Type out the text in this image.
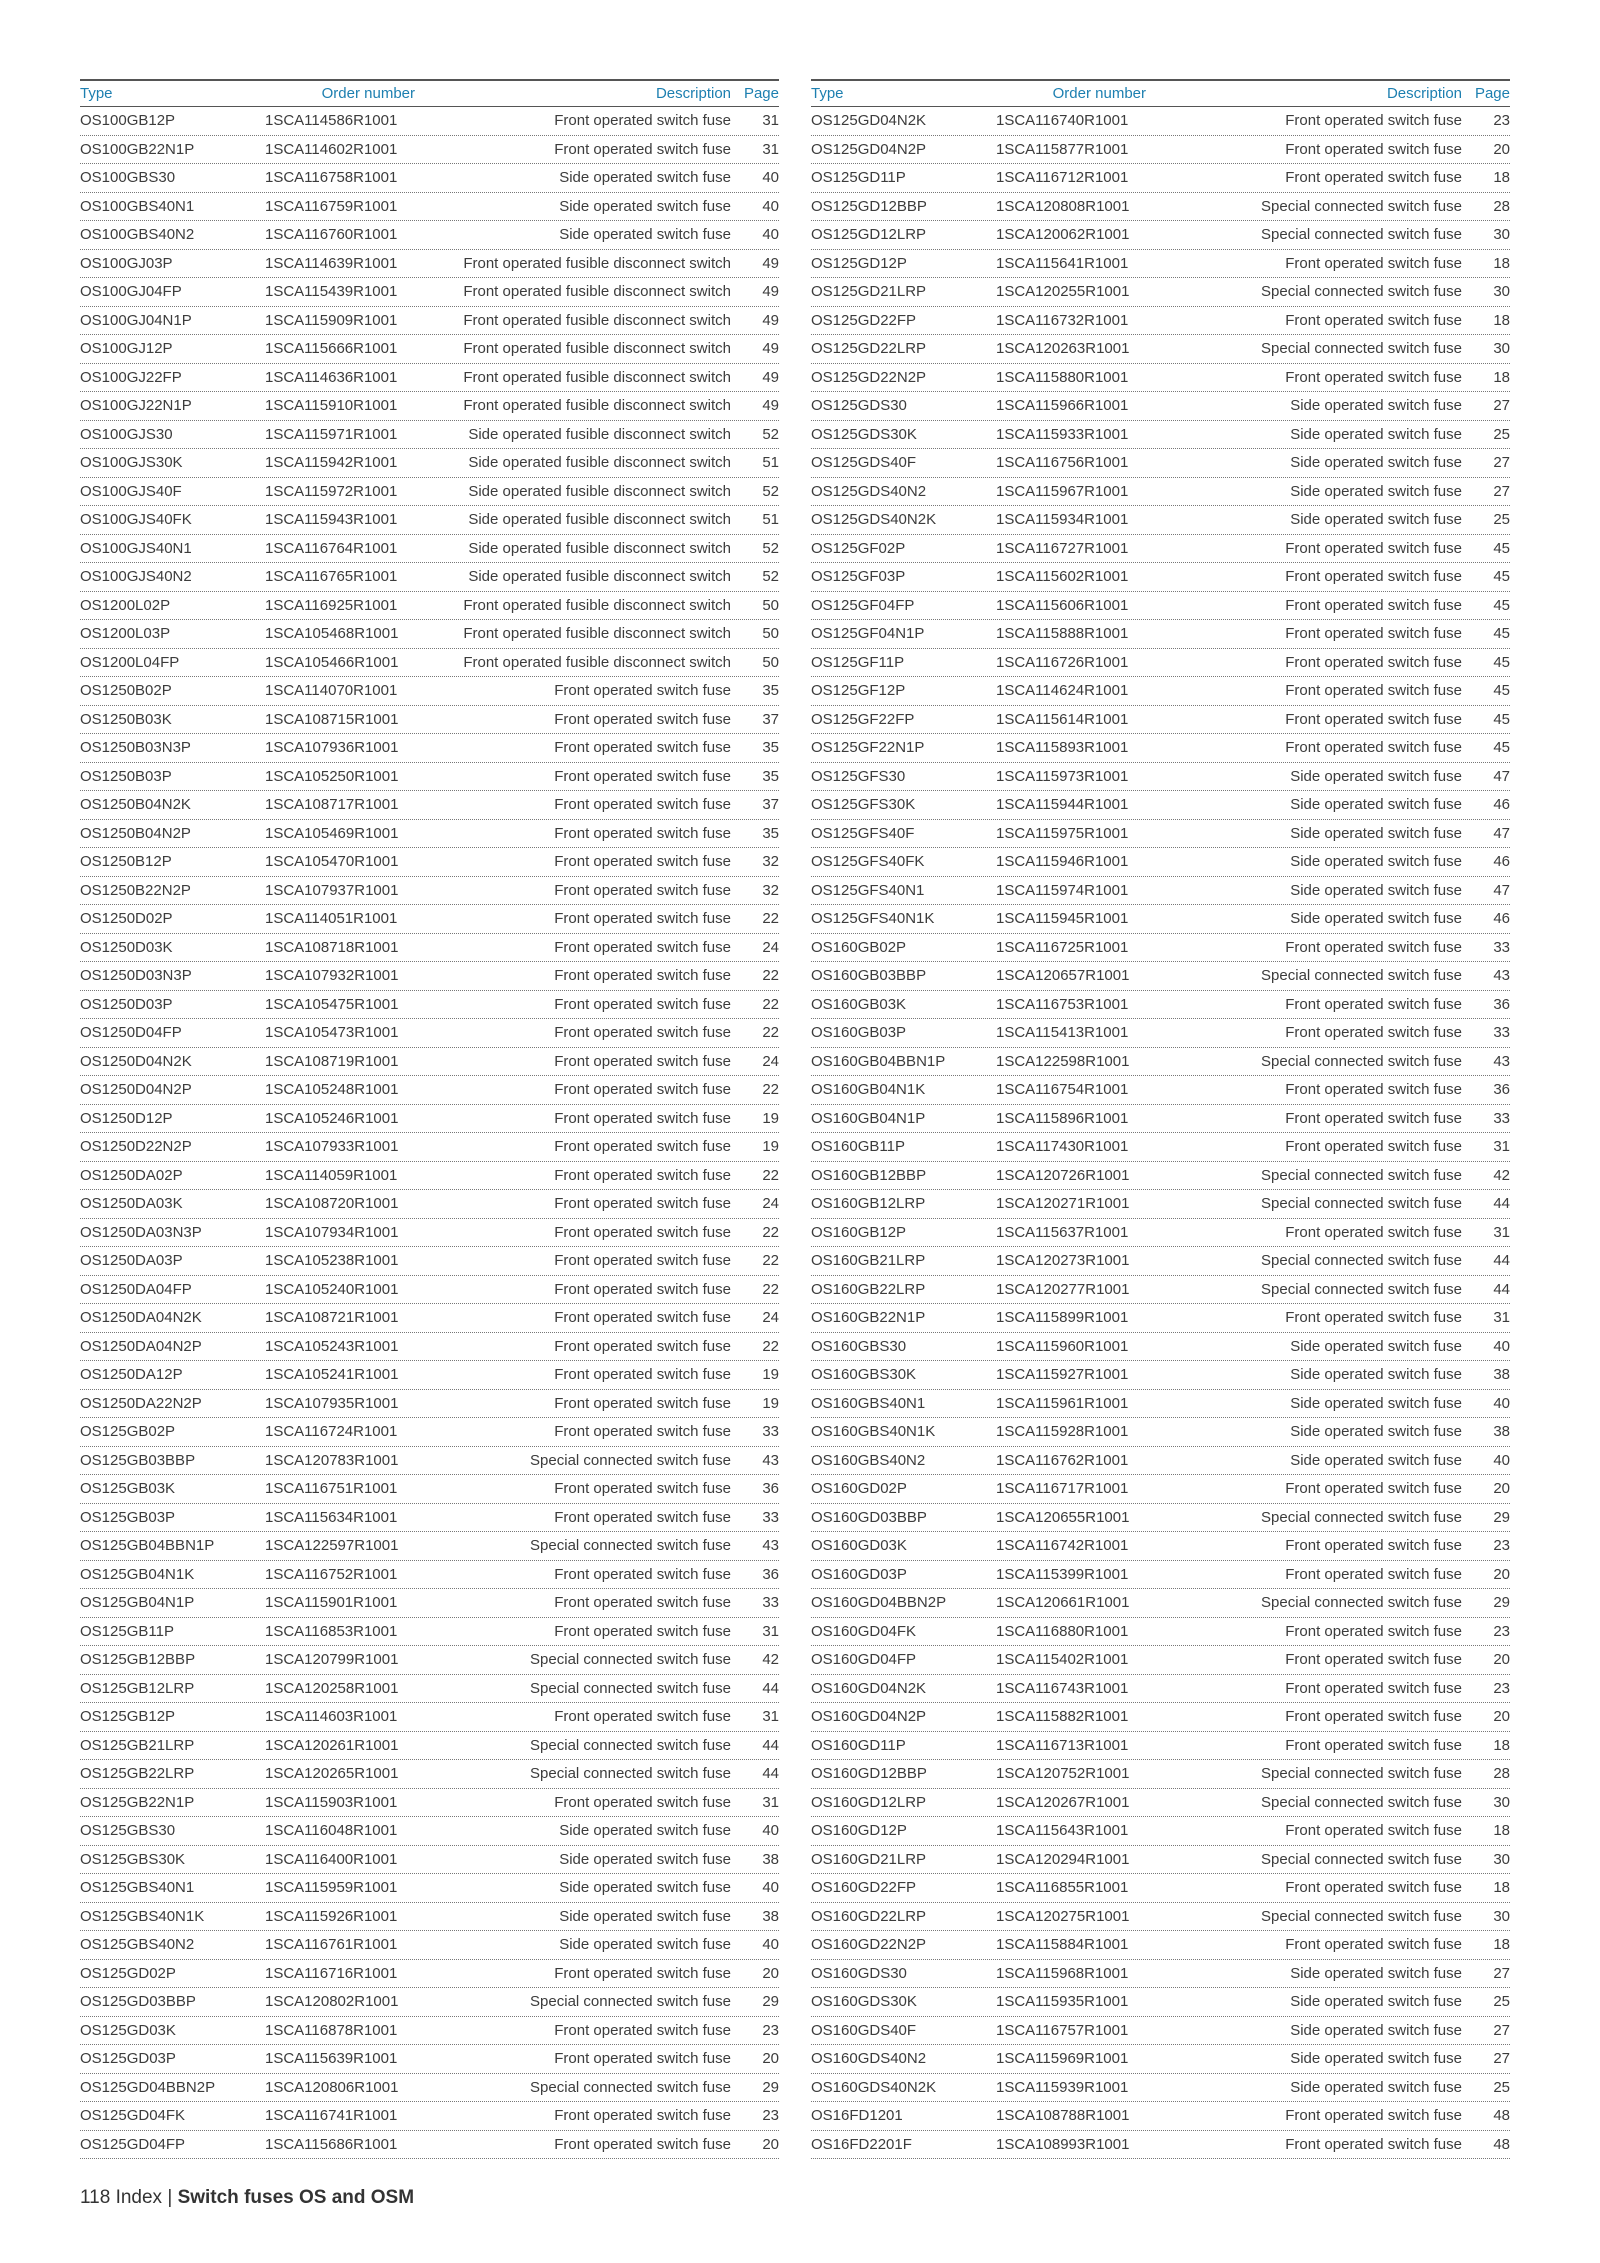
Type	Order number	Description Page
OS100GB12P	1SCA114586R1001	Front operated switch fuse	31
OS100GB22N1P	1SCA114602R1001	Front operated switch fuse	31
OS100GBS30	1SCA116758R1001	Side operated switch fuse	40
OS100GBS40N1	1SCA116759R1001	Side operated switch fuse	40
OS100GBS40N2	1SCA116760R1001	Side operated switch fuse	40
OS100GJ03P	1SCA114639R1001	Front operated fusible disconnect switch	49
OS100GJ04FP	1SCA115439R1001	Front operated fusible disconnect switch	49
OS100GJ04N1P	1SCA115909R1001	Front operated fusible disconnect switch	49
OS100GJ12P	1SCA115666R1001	Front operated fusible disconnect switch	49
OS100GJ22FP	1SCA114636R1001	Front operated fusible disconnect switch	49
OS100GJ22N1P	1SCA115910R1001	Front operated fusible disconnect switch	49
OS100GJS30	1SCA115971R1001	Side operated fusible disconnect switch	52
OS100GJS30K	1SCA115942R1001	Side operated fusible disconnect switch	51
OS100GJS40F	1SCA115972R1001	Side operated fusible disconnect switch	52
OS100GJS40FK	1SCA115943R1001	Side operated fusible disconnect switch	51
OS100GJS40N1	1SCA116764R1001	Side operated fusible disconnect switch	52
OS100GJS40N2	1SCA116765R1001	Side operated fusible disconnect switch	52
OS1200L02P	1SCA116925R1001	Front operated fusible disconnect switch	50
OS1200L03P	1SCA105468R1001	Front operated fusible disconnect switch	50
OS1200L04FP	1SCA105466R1001	Front operated fusible disconnect switch	50
OS1250B02P	1SCA114070R1001	Front operated switch fuse	35
OS1250B03K	1SCA108715R1001	Front operated switch fuse	37
OS1250B03N3P	1SCA107936R1001	Front operated switch fuse	35
OS1250B03P	1SCA105250R1001	Front operated switch fuse	35
OS1250B04N2K	1SCA108717R1001	Front operated switch fuse	37
OS1250B04N2P	1SCA105469R1001	Front operated switch fuse	35
OS1250B12P	1SCA105470R1001	Front operated switch fuse	32
OS1250B22N2P	1SCA107937R1001	Front operated switch fuse	32
OS1250D02P	1SCA114051R1001	Front operated switch fuse	22
OS1250D03K	1SCA108718R1001	Front operated switch fuse	24
OS1250D03N3P	1SCA107932R1001	Front operated switch fuse	22
OS1250D03P	1SCA105475R1001	Front operated switch fuse	22
OS1250D04FP	1SCA105473R1001	Front operated switch fuse	22
OS1250D04N2K	1SCA108719R1001	Front operated switch fuse	24
OS1250D04N2P	1SCA105248R1001	Front operated switch fuse	22
OS1250D12P	1SCA105246R1001	Front operated switch fuse	19
OS1250D22N2P	1SCA107933R1001	Front operated switch fuse	19
OS1250DA02P	1SCA114059R1001	Front operated switch fuse	22
OS1250DA03K	1SCA108720R1001	Front operated switch fuse	24
OS1250DA03N3P	1SCA107934R1001	Front operated switch fuse	22
OS1250DA03P	1SCA105238R1001	Front operated switch fuse	22
OS1250DA04FP	1SCA105240R1001	Front operated switch fuse	22
OS1250DA04N2K	1SCA108721R1001	Front operated switch fuse	24
OS1250DA04N2P	1SCA105243R1001	Front operated switch fuse	22
OS1250DA12P	1SCA105241R1001	Front operated switch fuse	19
OS1250DA22N2P	1SCA107935R1001	Front operated switch fuse	19
OS125GB02P	1SCA116724R1001	Front operated switch fuse	33
OS125GB03BBP	1SCA120783R1001	Special connected switch fuse	43
OS125GB03K	1SCA116751R1001	Front operated switch fuse	36
OS125GB03P	1SCA115634R1001	Front operated switch fuse	33
OS125GB04BBN1P	1SCA122597R1001	Special connected switch fuse	43
OS125GB04N1K	1SCA116752R1001	Front operated switch fuse	36
OS125GB04N1P	1SCA115901R1001	Front operated switch fuse	33
OS125GB11P	1SCA116853R1001	Front operated switch fuse	31
OS125GB12BBP	1SCA120799R1001	Special connected switch fuse	42
OS125GB12LRP	1SCA120258R1001	Special connected switch fuse	44
OS125GB12P	1SCA114603R1001	Front operated switch fuse	31
OS125GB21LRP	1SCA120261R1001	Special connected switch fuse	44
OS125GB22LRP	1SCA120265R1001	Special connected switch fuse	44
OS125GB22N1P	1SCA115903R1001	Front operated switch fuse	31
OS125GBS30	1SCA116048R1001	Side operated switch fuse	40
OS125GBS30K	1SCA116400R1001	Side operated switch fuse	38
OS125GBS40N1	1SCA115959R1001	Side operated switch fuse	40
OS125GBS40N1K	1SCA115926R1001	Side operated switch fuse	38
OS125GBS40N2	1SCA116761R1001	Side operated switch fuse	40
OS125GD02P	1SCA116716R1001	Front operated switch fuse	20
OS125GD03BBP	1SCA120802R1001	Special connected switch fuse	29
OS125GD03K	1SCA116878R1001	Front operated switch fuse	23
OS125GD03P	1SCA115639R1001	Front operated switch fuse	20
OS125GD04BBN2P	1SCA120806R1001	Special connected switch fuse	29
OS125GD04FK	1SCA116741R1001	Front operated switch fuse	23
OS125GD04FP	1SCA115686R1001	Front operated switch fuse	20
Type	Order number	Description Page
OS125GD04N2K	1SCA116740R1001	Front operated switch fuse	23
OS125GD04N2P	1SCA115877R1001	Front operated switch fuse	20
OS125GD11P	1SCA116712R1001	Front operated switch fuse	18
OS125GD12BBP	1SCA120808R1001	Special connected switch fuse	28
OS125GD12LRP	1SCA120062R1001	Special connected switch fuse	30
OS125GD12P	1SCA115641R1001	Front operated switch fuse	18
OS125GD21LRP	1SCA120255R1001	Special connected switch fuse	30
OS125GD22FP	1SCA116732R1001	Front operated switch fuse	18
OS125GD22LRP	1SCA120263R1001	Special connected switch fuse	30
OS125GD22N2P	1SCA115880R1001	Front operated switch fuse	18
OS125GDS30	1SCA115966R1001	Side operated switch fuse	27
OS125GDS30K	1SCA115933R1001	Side operated switch fuse	25
OS125GDS40F	1SCA116756R1001	Side operated switch fuse	27
OS125GDS40N2	1SCA115967R1001	Side operated switch fuse	27
OS125GDS40N2K	1SCA115934R1001	Side operated switch fuse	25
OS125GF02P	1SCA116727R1001	Front operated switch fuse	45
OS125GF03P	1SCA115602R1001	Front operated switch fuse	45
OS125GF04FP	1SCA115606R1001	Front operated switch fuse	45
OS125GF04N1P	1SCA115888R1001	Front operated switch fuse	45
OS125GF11P	1SCA116726R1001	Front operated switch fuse	45
OS125GF12P	1SCA114624R1001	Front operated switch fuse	45
OS125GF22FP	1SCA115614R1001	Front operated switch fuse	45
OS125GF22N1P	1SCA115893R1001	Front operated switch fuse	45
OS125GFS30	1SCA115973R1001	Side operated switch fuse	47
OS125GFS30K	1SCA115944R1001	Side operated switch fuse	46
OS125GFS40F	1SCA115975R1001	Side operated switch fuse	47
OS125GFS40FK	1SCA115946R1001	Side operated switch fuse	46
OS125GFS40N1	1SCA115974R1001	Side operated switch fuse	47
OS125GFS40N1K	1SCA115945R1001	Side operated switch fuse	46
OS160GB02P	1SCA116725R1001	Front operated switch fuse	33
OS160GB03BBP	1SCA120657R1001	Special connected switch fuse	43
OS160GB03K	1SCA116753R1001	Front operated switch fuse	36
OS160GB03P	1SCA115413R1001	Front operated switch fuse	33
OS160GB04BBN1P	1SCA122598R1001	Special connected switch fuse	43
OS160GB04N1K	1SCA116754R1001	Front operated switch fuse	36
OS160GB04N1P	1SCA115896R1001	Front operated switch fuse	33
OS160GB11P	1SCA117430R1001	Front operated switch fuse	31
OS160GB12BBP	1SCA120726R1001	Special connected switch fuse	42
OS160GB12LRP	1SCA120271R1001	Special connected switch fuse	44
OS160GB12P	1SCA115637R1001	Front operated switch fuse	31
OS160GB21LRP	1SCA120273R1001	Special connected switch fuse	44
OS160GB22LRP	1SCA120277R1001	Special connected switch fuse	44
OS160GB22N1P	1SCA115899R1001	Front operated switch fuse	31
OS160GBS30	1SCA115960R1001	Side operated switch fuse	40
OS160GBS30K	1SCA115927R1001	Side operated switch fuse	38
OS160GBS40N1	1SCA115961R1001	Side operated switch fuse	40
OS160GBS40N1K	1SCA115928R1001	Side operated switch fuse	38
OS160GBS40N2	1SCA116762R1001	Side operated switch fuse	40
OS160GD02P	1SCA116717R1001	Front operated switch fuse	20
OS160GD03BBP	1SCA120655R1001	Special connected switch fuse	29
OS160GD03K	1SCA116742R1001	Front operated switch fuse	23
OS160GD03P	1SCA115399R1001	Front operated switch fuse	20
OS160GD04BBN2P	1SCA120661R1001	Special connected switch fuse	29
OS160GD04FK	1SCA116880R1001	Front operated switch fuse	23
OS160GD04FP	1SCA115402R1001	Front operated switch fuse	20
OS160GD04N2K	1SCA116743R1001	Front operated switch fuse	23
OS160GD04N2P	1SCA115882R1001	Front operated switch fuse	20
OS160GD11P	1SCA116713R1001	Front operated switch fuse	18
OS160GD12BBP	1SCA120752R1001	Special connected switch fuse	28
OS160GD12LRP	1SCA120267R1001	Special connected switch fuse	30
OS160GD12P	1SCA115643R1001	Front operated switch fuse	18
OS160GD21LRP	1SCA120294R1001	Special connected switch fuse	30
OS160GD22FP	1SCA116855R1001	Front operated switch fuse	18
OS160GD22LRP	1SCA120275R1001	Special connected switch fuse	30
OS160GD22N2P	1SCA115884R1001	Front operated switch fuse	18
OS160GDS30	1SCA115968R1001	Side operated switch fuse	27
OS160GDS30K	1SCA115935R1001	Side operated switch fuse	25
OS160GDS40F	1SCA116757R1001	Side operated switch fuse	27
OS160GDS40N2	1SCA115969R1001	Side operated switch fuse	27
OS160GDS40N2K	1SCA115939R1001	Side operated switch fuse	25
OS16FD1201	1SCA108788R1001	Front operated switch fuse	48
OS16FD2201F	1SCA108993R1001	Front operated switch fuse	48
118 Index | Switch fuses OS and OSM
